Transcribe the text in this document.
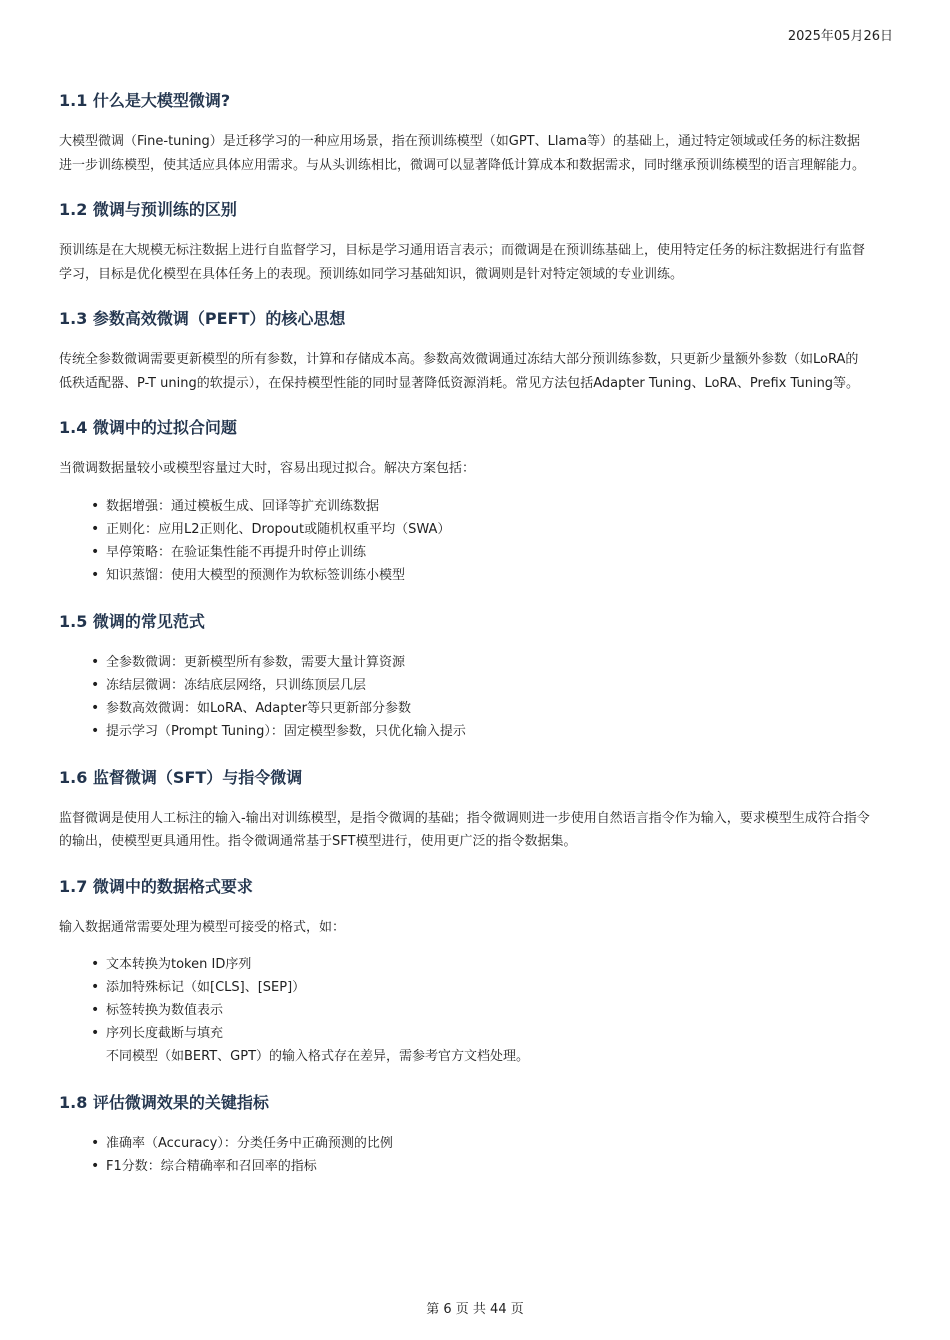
2025年05月26日
1.1 什么是大模型微调?
大模型微调（Fine-tuning）是迁移学习的一种应用场景，指在预训练模型（如GPT、Llama等）的基础上，通过特定领域或任务的标注数据进一步训练模型，使其适应具体应用需求。与从头训练相比，微调可以显著降低计算成本和数据需求，同时继承预训练模型的语言理解能力。
1.2 微调与预训练的区别
预训练是在大规模无标注数据上进行自监督学习，目标是学习通用语言表示；而微调是在预训练基础上，使用特定任务的标注数据进行有监督学习，目标是优化模型在具体任务上的表现。预训练如同学习基础知识，微调则是针对特定领域的专业训练。
1.3 参数高效微调（PEFT）的核心思想
传统全参数微调需要更新模型的所有参数，计算和存储成本高。参数高效微调通过冻结大部分预训练参数，只更新少量额外参数（如LoRA的低秩适配器、P-T uning的软提示），在保持模型性能的同时显著降低资源消耗。常见方法包括Adapter Tuning、LoRA、Prefix Tuning等。
1.4 微调中的过拟合问题
当微调数据量较小或模型容量过大时，容易出现过拟合。解决方案包括：
• 数据增强：通过模板生成、回译等扩充训练数据
• 正则化：应用L2正则化、Dropout或随机权重平均（SWA）
• 早停策略：在验证集性能不再提升时停止训练
• 知识蒸馏：使用大模型的预测作为软标签训练小模型
1.5 微调的常见范式
• 全参数微调：更新模型所有参数，需要大量计算资源
• 冻结层微调：冻结底层网络，只训练顶层几层
• 参数高效微调：如LoRA、Adapter等只更新部分参数
• 提示学习（Prompt Tuning）：固定模型参数，只优化输入提示
1.6 监督微调（SFT）与指令微调
监督微调是使用人工标注的输入-输出对训练模型，是指令微调的基础；指令微调则进一步使用自然语言指令作为输入，要求模型生成符合指令的输出，使模型更具通用性。指令微调通常基于SFT模型进行，使用更广泛的指令数据集。
1.7 微调中的数据格式要求
输入数据通常需要处理为模型可接受的格式，如：
• 文本转换为token ID序列
• 添加特殊标记（如[CLS]、[SEP]）
• 标签转换为数值表示
• 序列长度截断与填充
不同模型（如BERT、GPT）的输入格式存在差异，需参考官方文档处理。
1.8 评估微调效果的关键指标
• 准确率（Accuracy）：分类任务中正确预测的比例
• F1分数：综合精确率和召回率的指标
第 6 页 共 44 页
